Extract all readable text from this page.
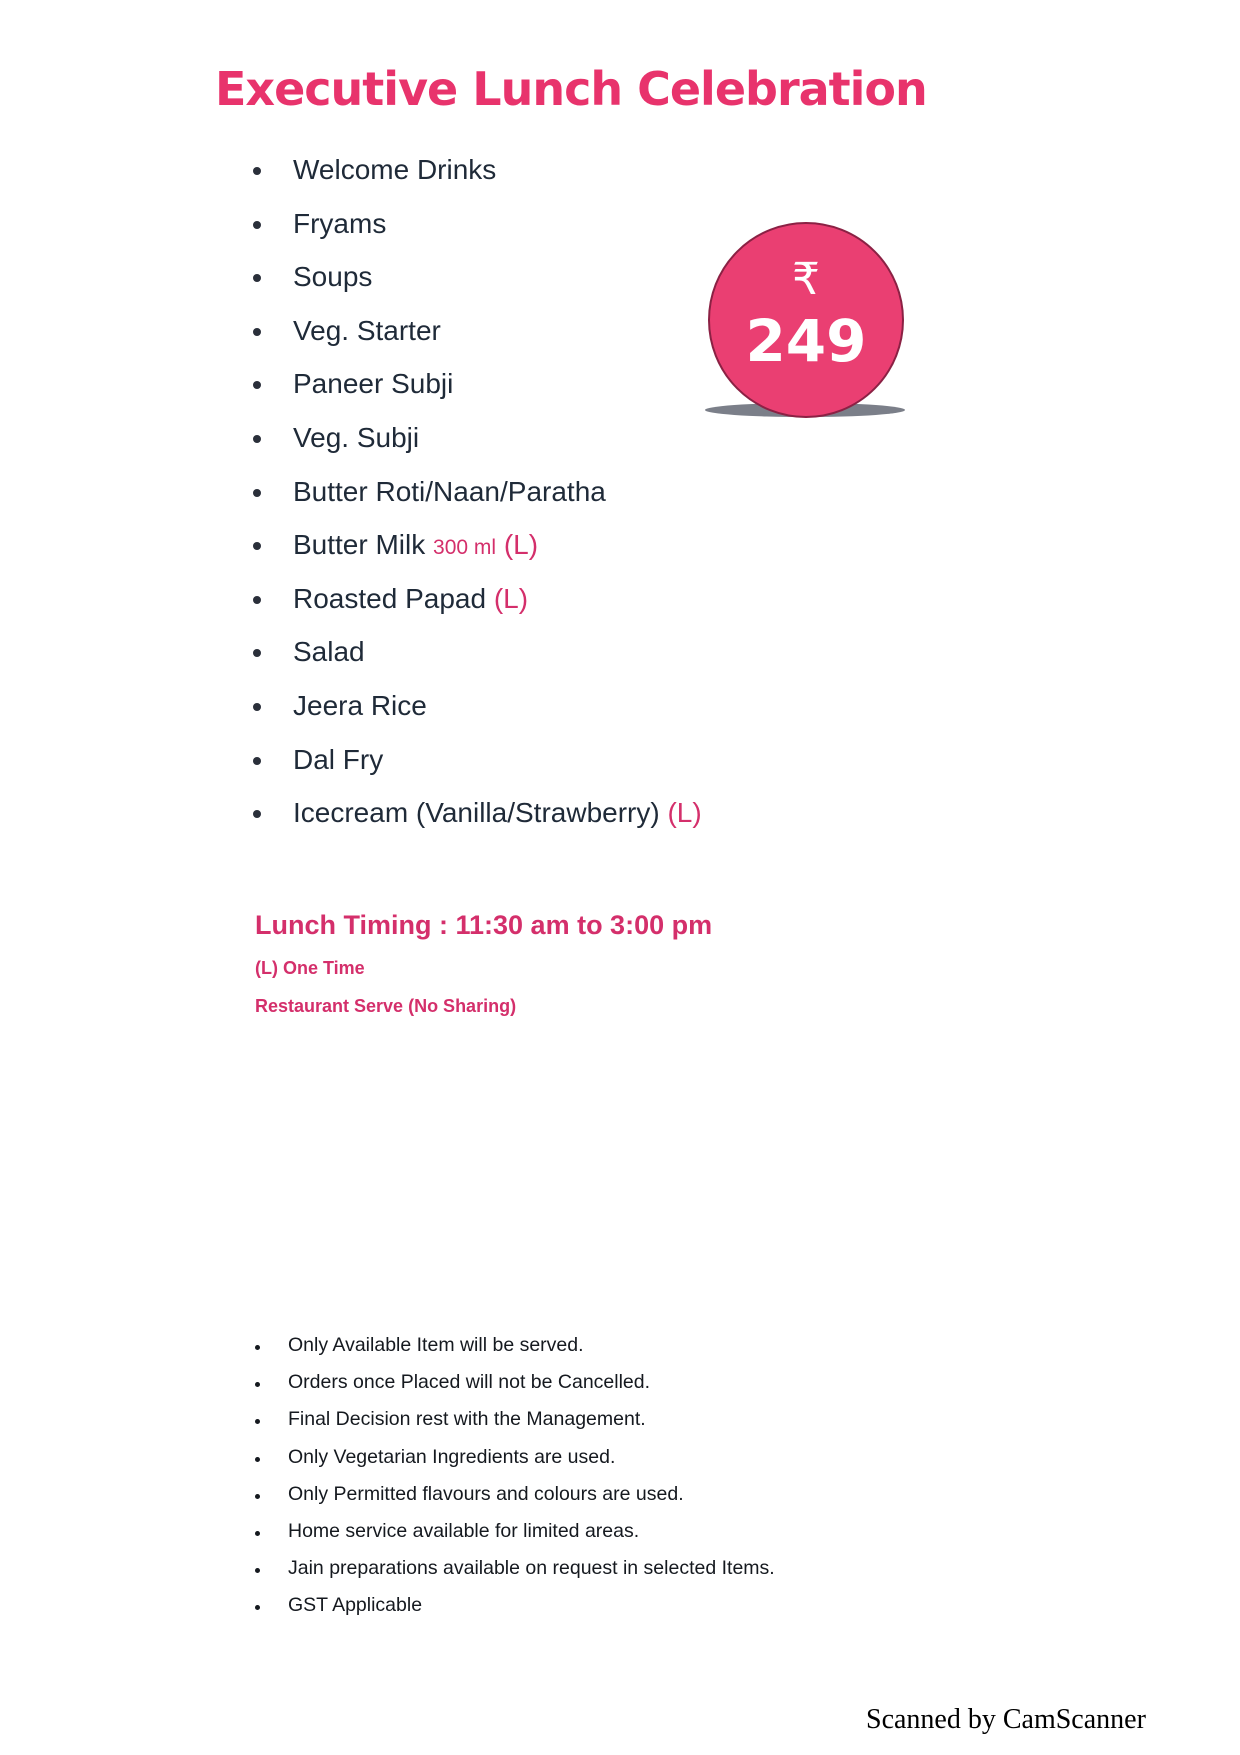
Executive Lunch Celebration
Welcome Drinks
Fryams
Soups
Veg. Starter
Paneer Subji
Veg. Subji
Butter Roti/Naan/Paratha
Butter Milk 300 ml (L)
Roasted Papad (L)
Salad
Jeera Rice
Dal Fry
Icecream (Vanilla/Strawberry) (L)
₹
249

Lunch Timing : 11:30 am to 3:00 pm

(L) One Time

Restaurant Serve (No Sharing)

Only Available Item will be served.
Orders once Placed will not be Cancelled.
Final Decision rest with the Management.
Only Vegetarian Ingredients are used.
Only Permitted flavours and colours are used.
Home service available for limited areas.
Jain preparations available on request in selected Items.
GST Applicable

Scanned by CamScanner
